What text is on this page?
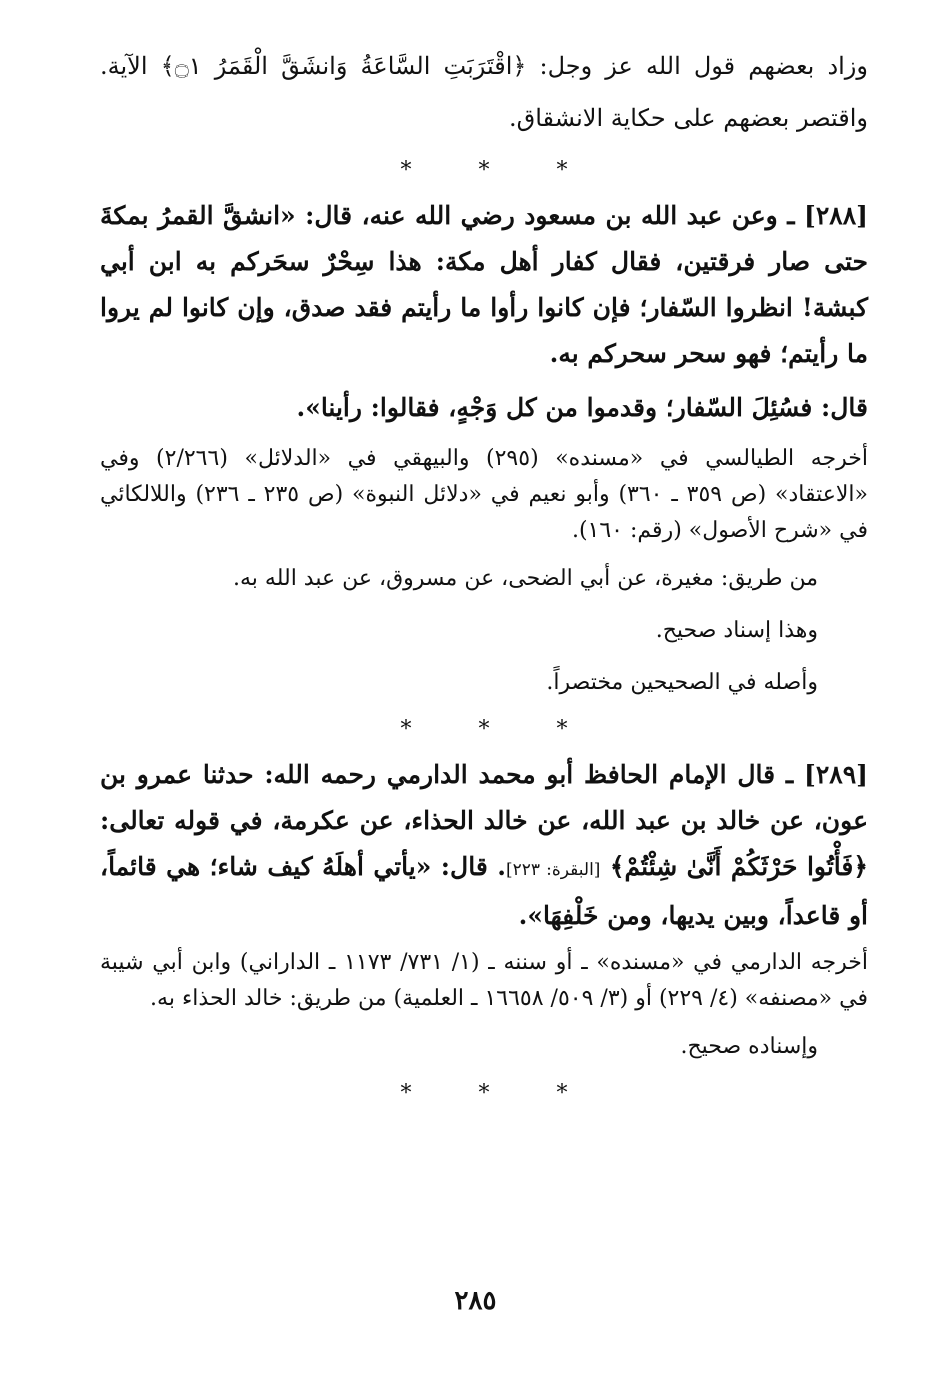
وزاد بعضهم قول الله عز وجل: ﴿اقْتَرَبَتِ السَّاعَةُ وَانشَقَّ الْقَمَرُ ۝١﴾ الآية. واقتصر بعضهم على حكاية الانشقاق.

* * *

[٢٨٨] ـ وعن عبد الله بن مسعود رضي الله عنه، قال: «انشقَّ القمرُ بمكةَ حتى صار فرقتين، فقال كفار أهل مكة: هذا سِحْرٌ سحَركم به ابن أبي كبشة! انظروا السّفار؛ فإن كانوا رأوا ما رأيتم فقد صدق، وإن كانوا لم يروا ما رأيتم؛ فهو سحر سحركم به.

قال: فسُئِلَ السّفار؛ وقدموا من كل وَجْهٍ، فقالوا: رأينا».

أخرجه الطيالسي في «مسنده» (٢٩٥) والبيهقي في «الدلائل» (٢/٢٦٦) وفي «الاعتقاد» (ص ٣٥٩ ـ ٣٦٠) وأبو نعيم في «دلائل النبوة» (ص ٢٣٥ ـ ٢٣٦) واللالكائي في «شرح الأصول» (رقم: ١٦٠).

من طريق: مغيرة، عن أبي الضحى، عن مسروق، عن عبد الله به.

وهذا إسناد صحيح.

وأصله في الصحيحين مختصراً.

* * *

[٢٨٩] ـ قال الإمام الحافظ أبو محمد الدارمي رحمه الله: حدثنا عمرو بن عون، عن خالد بن عبد الله، عن خالد الحذاء، عن عكرمة، في قوله تعالى: ﴿فَأْتُوا حَرْثَكُمْ أَنَّىٰ شِئْتُمْ﴾ [البقرة: ٢٢٣]. قال: «يأتي أهلَهُ كيف شاء؛ هي قائماً، أو قاعداً، وبين يديها، ومن خَلْفِهَا».

أخرجه الدارمي في «مسنده» ـ أو سننه ـ (١/ ٧٣١/ ١١٧٣ ـ الداراني) وابن أبي شيبة في «مصنفه» (٤/ ٢٢٩) أو (٣/ ٥٠٩/ ١٦٦٥٨ ـ العلمية) من طريق: خالد الحذاء به.

وإسناده صحيح.

* * *
٢٨٥
